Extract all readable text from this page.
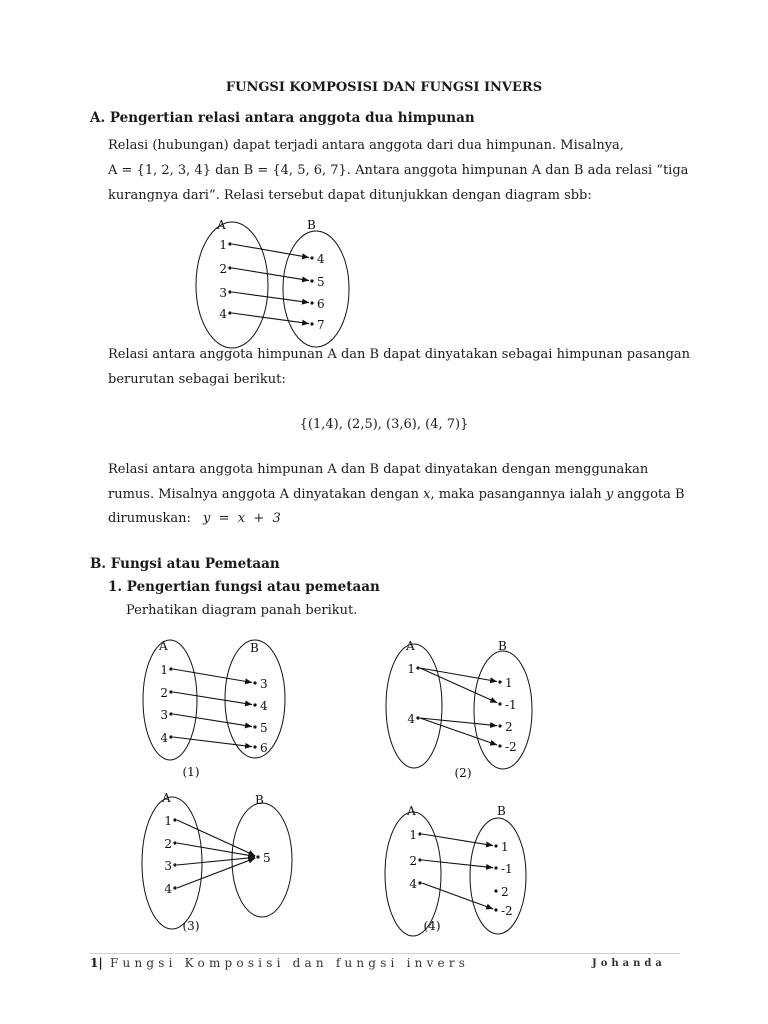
FUNGSI KOMPOSISI DAN FUNGSI INVERS
A. Pengertian relasi antara anggota dua himpunan
Relasi (hubungan) dapat terjadi antara anggota dari dua himpunan. Misalnya,
A = {1, 2, 3, 4} dan B = {4, 5, 6, 7}. Antara anggota himpunan A dan B ada relasi “tiga
kurangnya dari”. Relasi tersebut dapat ditunjukkan dengan diagram sbb:
A	B
1
2
3
4
4
5
6
7
Relasi antara anggota himpunan A dan B dapat dinyatakan sebagai himpunan pasangan
berurutan sebagai berikut:
{(1,4), (2,5), (3,6), (4, 7)}
Relasi antara anggota himpunan A dan B dapat dinyatakan dengan menggunakan
rumus. Misalnya anggota A dinyatakan dengan x, maka pasangannya ialah y anggota B
dirumuskan: y  =  x  +  3
B. Fungsi atau Pemetaan
1. Pengertian fungsi atau pemetaan
Perhatikan diagram panah berikut.
A	B
1
2
3
4
3
4
5
6
(1)
A	B
1
4
1
-1
2
-2
(2)
A	B
1
2
3
4
5
(3)
A	B
1
2
4
1
-1
2
-2
(4)
1| Fungsi Komposisi dan fungsi invers	Johanda
